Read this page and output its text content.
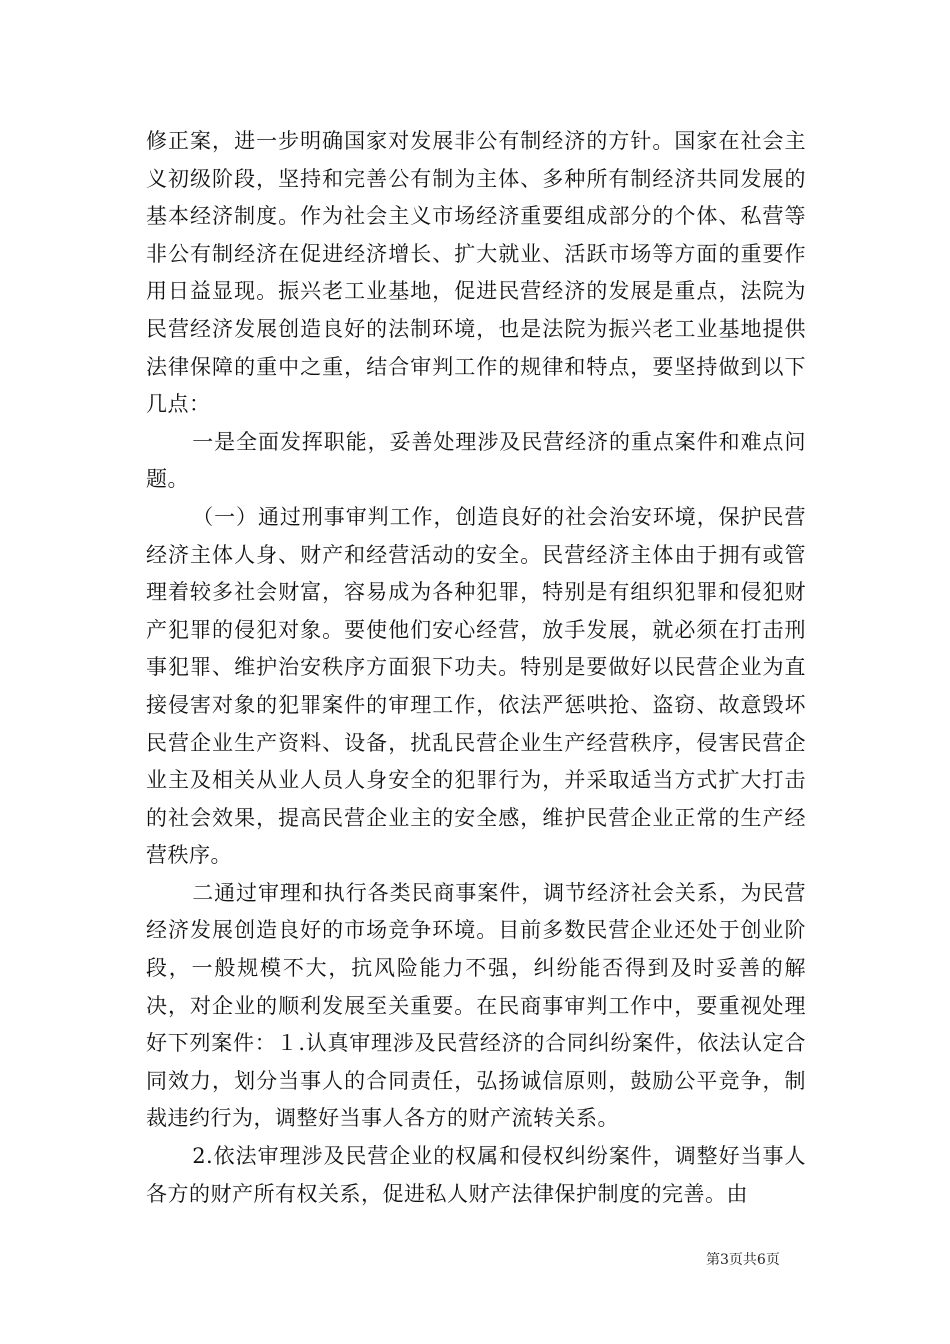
修正案，进一步明确国家对发展非公有制经济的方针。国家在社会主义初级阶段，坚持和完善公有制为主体、多种所有制经济共同发展的基本经济制度。作为社会主义市场经济重要组成部分的个体、私营等非公有制经济在促进经济增长、扩大就业、活跃市场等方面的重要作用日益显现。振兴老工业基地，促进民营经济的发展是重点，法院为民营经济发展创造良好的法制环境，也是法院为振兴老工业基地提供法律保障的重中之重，结合审判工作的规律和特点，要坚持做到以下几点：

一是全面发挥职能，妥善处理涉及民营经济的重点案件和难点问题。

（一）通过刑事审判工作，创造良好的社会治安环境，保护民营经济主体人身、财产和经营活动的安全。民营经济主体由于拥有或管理着较多社会财富，容易成为各种犯罪，特别是有组织犯罪和侵犯财产犯罪的侵犯对象。要使他们安心经营，放手发展，就必须在打击刑事犯罪、维护治安秩序方面狠下功夫。特别是要做好以民营企业为直接侵害对象的犯罪案件的审理工作，依法严惩哄抢、盗窃、故意毁坏民营企业生产资料、设备，扰乱民营企业生产经营秩序，侵害民营企业主及相关从业人员人身安全的犯罪行为，并采取适当方式扩大打击的社会效果，提高民营企业主的安全感，维护民营企业正常的生产经营秩序。

二通过审理和执行各类民商事案件，调节经济社会关系，为民营经济发展创造良好的市场竞争环境。目前多数民营企业还处于创业阶段，一般规模不大，抗风险能力不强，纠纷能否得到及时妥善的解决，对企业的顺利发展至关重要。在民商事审判工作中，要重视处理好下列案件：１.认真审理涉及民营经济的合同纠纷案件，依法认定合同效力，划分当事人的合同责任，弘扬诚信原则，鼓励公平竞争，制裁违约行为，调整好当事人各方的财产流转关系。

2.依法审理涉及民营企业的权属和侵权纠纷案件，调整好当事人各方的财产所有权关系，促进私人财产法律保护制度的完善。由

第3页共6页
